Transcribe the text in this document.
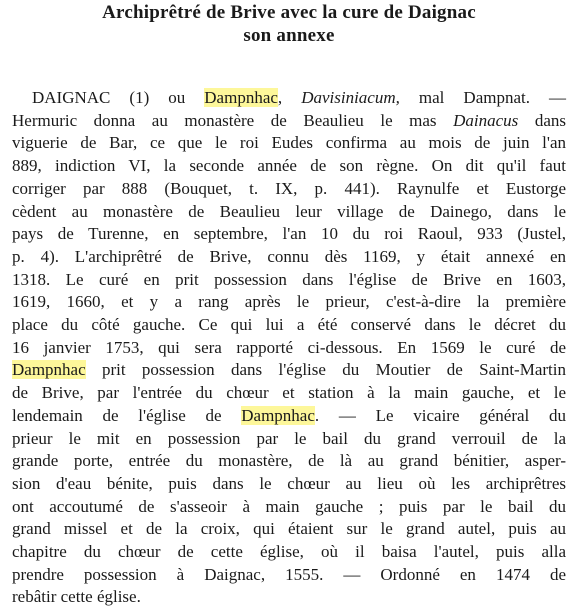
Archiprêtré de Brive avec la cure de Daignac
son annexe
DAIGNAC (1) ou Dampnhac, Davisiniacum, mal Dampnat. —
Hermuric donna au monastère de Beaulieu le mas Dainacus dans
viguerie de Bar, ce que le roi Eudes confirma au mois de juin l'an
889, indiction VI, la seconde année de son règne. On dit qu'il faut
corriger par 888 (Bouquet, t. IX, p. 441). Raynulfe et Eustorge
cèdent au monastère de Beaulieu leur village de Dainego, dans le
pays de Turenne, en septembre, l'an 10 du roi Raoul, 933 (Justel,
p. 4). L'archiprêtré de Brive, connu dès 1169, y était annexé en
1318. Le curé en prit possession dans l'église de Brive en 1603,
1619, 1660, et y a rang après le prieur, c'est-à-dire la première
place du côté gauche. Ce qui lui a été conservé dans le décret du
16 janvier 1753, qui sera rapporté ci-dessous. En 1569 le curé de
Dampnhac prit possession dans l'église du Moutier de Saint-Martin
de Brive, par l'entrée du chœur et station à la main gauche, et le
lendemain de l'église de Dampnhac. — Le vicaire général du
prieur le mit en possession par le bail du grand verrouil de la
grande porte, entrée du monastère, de là au grand bénitier, asper-
sion d'eau bénite, puis dans le chœur au lieu où les archiprêtres
ont accoutumé de s'asseoir à main gauche ; puis par le bail du
grand missel et de la croix, qui étaient sur le grand autel, puis au
chapitre du chœur de cette église, où il baisa l'autel, puis alla
prendre possession à Daignac, 1555. — Ordonné en 1474 de
rebâtir cette église.
